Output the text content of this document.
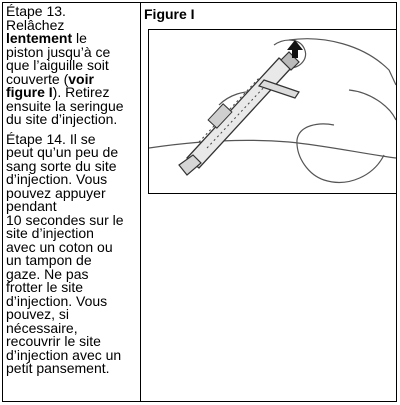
Étape 13.
Relâchez
lentement le
piston jusqu’à ce
que l’aiguille soit
couverte (voir
figure I). Retirez
ensuite la seringue
du site d’injection.
Étape 14. Il se
peut qu’un peu de
sang sorte du site
d’injection. Vous
pouvez appuyer
pendant
10 secondes sur le
site d’injection
avec un coton ou
un tampon de
gaze. Ne pas
frotter le site
d’injection. Vous
pouvez, si
nécessaire,
recouvrir le site
d’injection avec un
petit pansement.

Figure I
